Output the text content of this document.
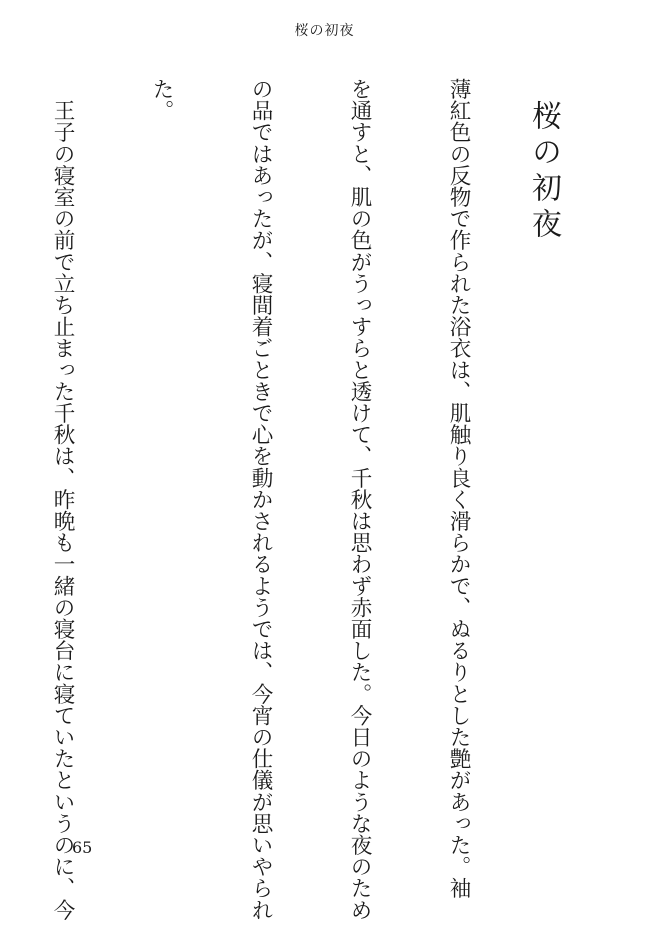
桜の初夜
桜の初夜

薄紅色の反物で作られた浴衣は、肌触り良く滑らかで、ぬるりとした艶があった。袖

を通すと、肌の色がうっすらと透けて、千秋は思わず赤面した。今日のような夜のため

の品ではあったが、寝間着ごときで心を動かされるようでは、今宵の仕儀が思いやられ

た。

　王子の寝室の前で立ち止まった千秋は、昨晩も一緒の寝台に寝ていたというのに、今

65
